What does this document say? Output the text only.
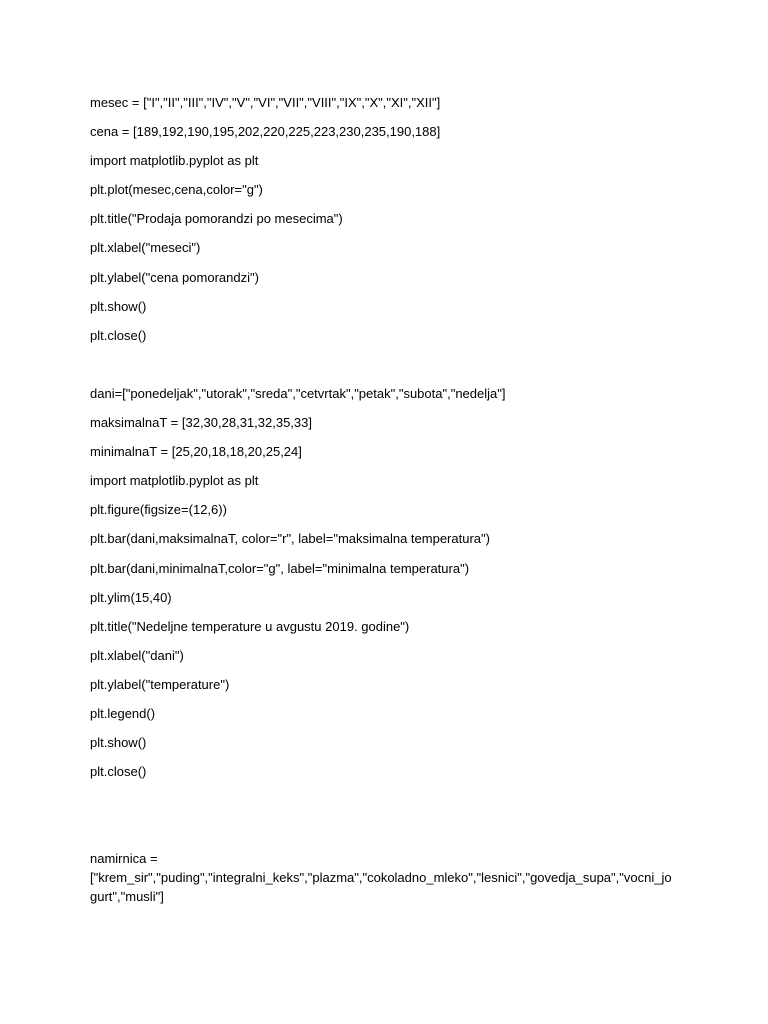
mesec = ["I","II","III","IV","V","VI","VII","VIII","IX","X","XI","XII"]

cena = [189,192,190,195,202,220,225,223,230,235,190,188]

import matplotlib.pyplot as plt

plt.plot(mesec,cena,color="g")

plt.title("Prodaja pomorandzi po mesecima")

plt.xlabel("meseci")

plt.ylabel("cena pomorandzi")

plt.show()

plt.close()

dani=["ponedeljak","utorak","sreda","cetvrtak","petak","subota","nedelja"]

maksimalnaT = [32,30,28,31,32,35,33]

minimalnaT = [25,20,18,18,20,25,24]

import matplotlib.pyplot as plt

plt.figure(figsize=(12,6))

plt.bar(dani,maksimalnaT, color="r", label="maksimalna temperatura")

plt.bar(dani,minimalnaT,color="g", label="minimalna temperatura")

plt.ylim(15,40)

plt.title("Nedeljne temperature u avgustu 2019. godine")

plt.xlabel("dani")

plt.ylabel("temperature")

plt.legend()

plt.show()

plt.close()

namirnica =
["krem_sir","puding","integralni_keks","plazma","cokoladno_mleko","lesnici","govedja_supa","vocni_jo
gurt","musli"]
